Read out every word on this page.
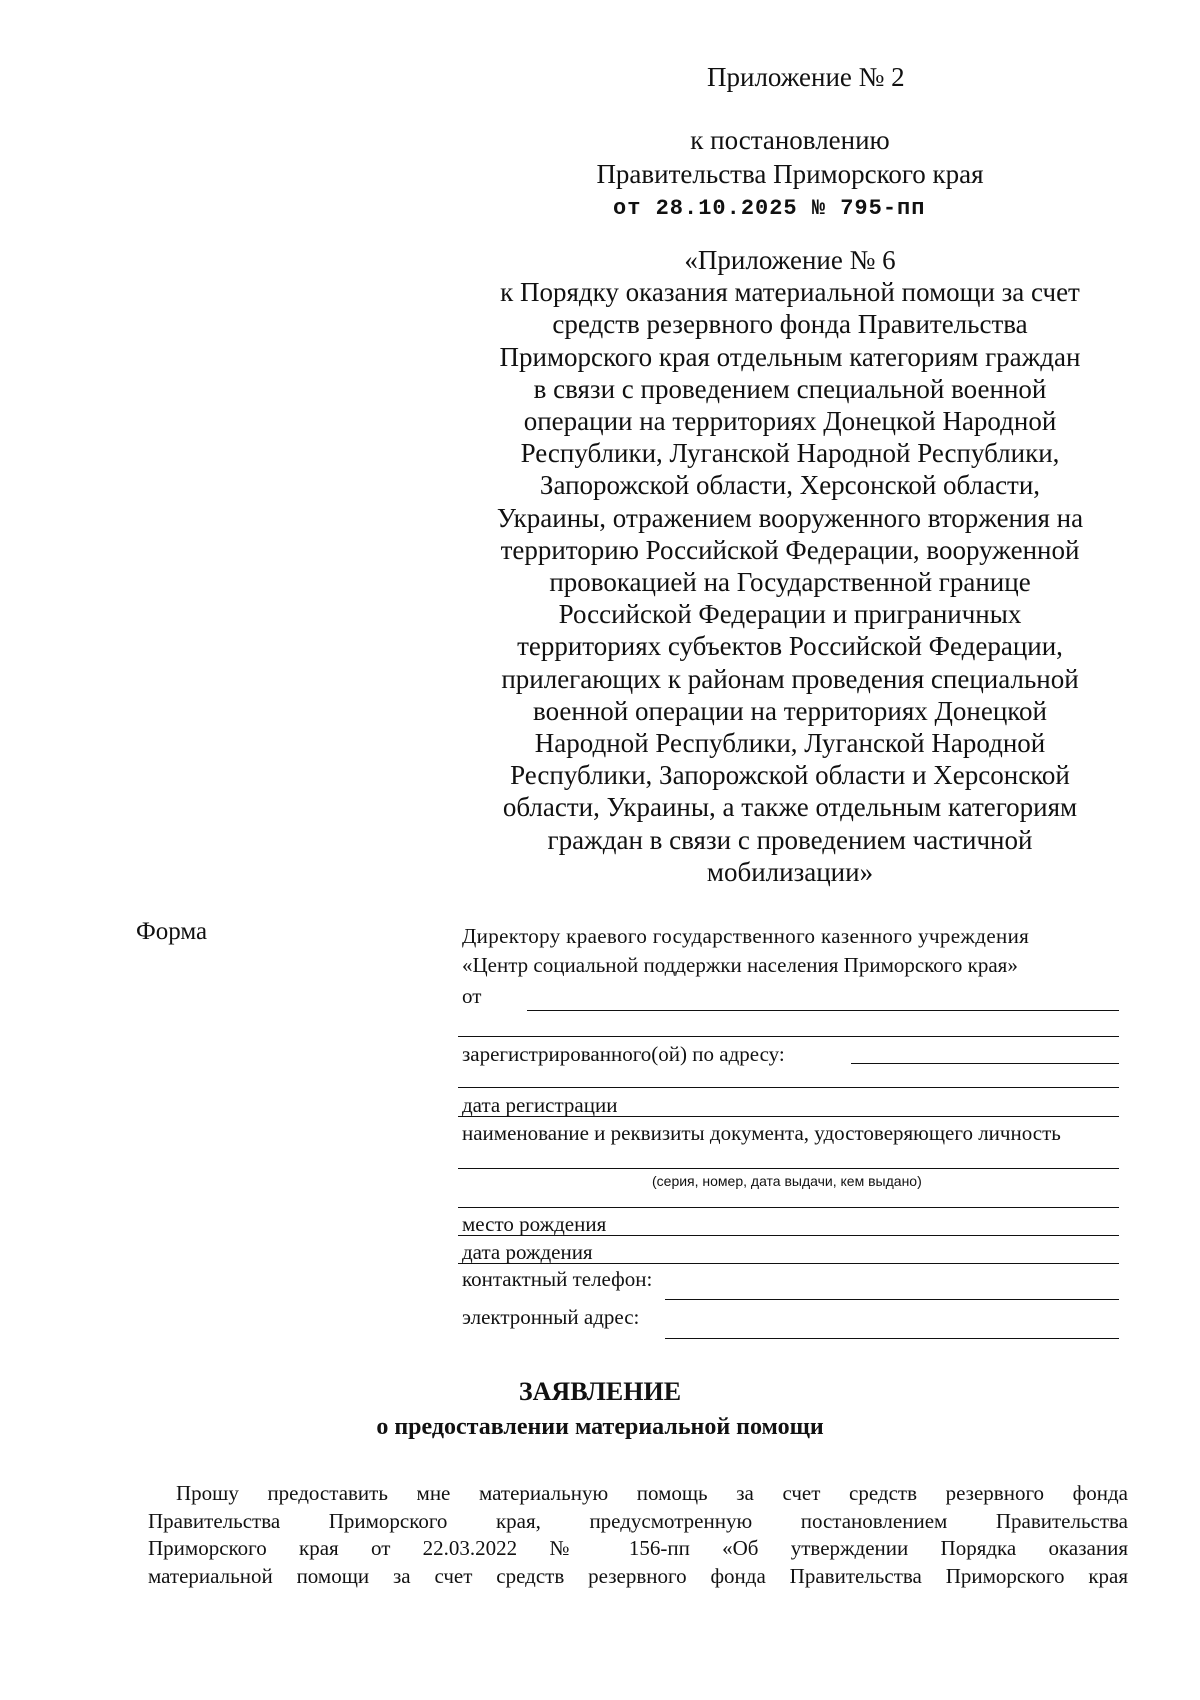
Приложение № 2
к постановлению
Правительства Приморского края
от 28.10.2025 № 795-пп
«Приложение № 6
к Порядку оказания материальной помощи за счет
средств резервного фонда Правительства
Приморского края отдельным категориям граждан
в связи с проведением специальной военной
операции на территориях Донецкой Народной
Республики, Луганской Народной Республики,
Запорожской области, Херсонской области,
Украины, отражением вооруженного вторжения на
территорию Российской Федерации, вооруженной
провокацией на Государственной границе
Российской Федерации и приграничных
территориях субъектов Российской Федерации,
прилегающих к районам проведения специальной
военной операции на территориях Донецкой
Народной Республики, Луганской Народной
Республики, Запорожской области и Херсонской
области, Украины, а также отдельным категориям
граждан в связи с проведением частичной
мобилизации»
Форма	Директору краевого государственного казенного учреждения
«Центр социальной поддержки населения Приморского края»
от
зарегистрированного(ой) по адресу:
дата регистрации
наименование и реквизиты документа, удостоверяющего личность
(серия, номер, дата выдачи, кем выдано)
место рождения
дата рождения
контактный телефон:
электронный адрес:
ЗАЯВЛЕНИЕ
о предоставлении материальной помощи
Прошу предоставить мне материальную помощь за счет средств резервного фонда
Правительства Приморского края, предусмотренную постановлением Правительства
Приморского края от 22.03.2022 № 156-пп «Об утверждении Порядка оказания
материальной помощи за счет средств резервного фонда Правительства Приморского края
